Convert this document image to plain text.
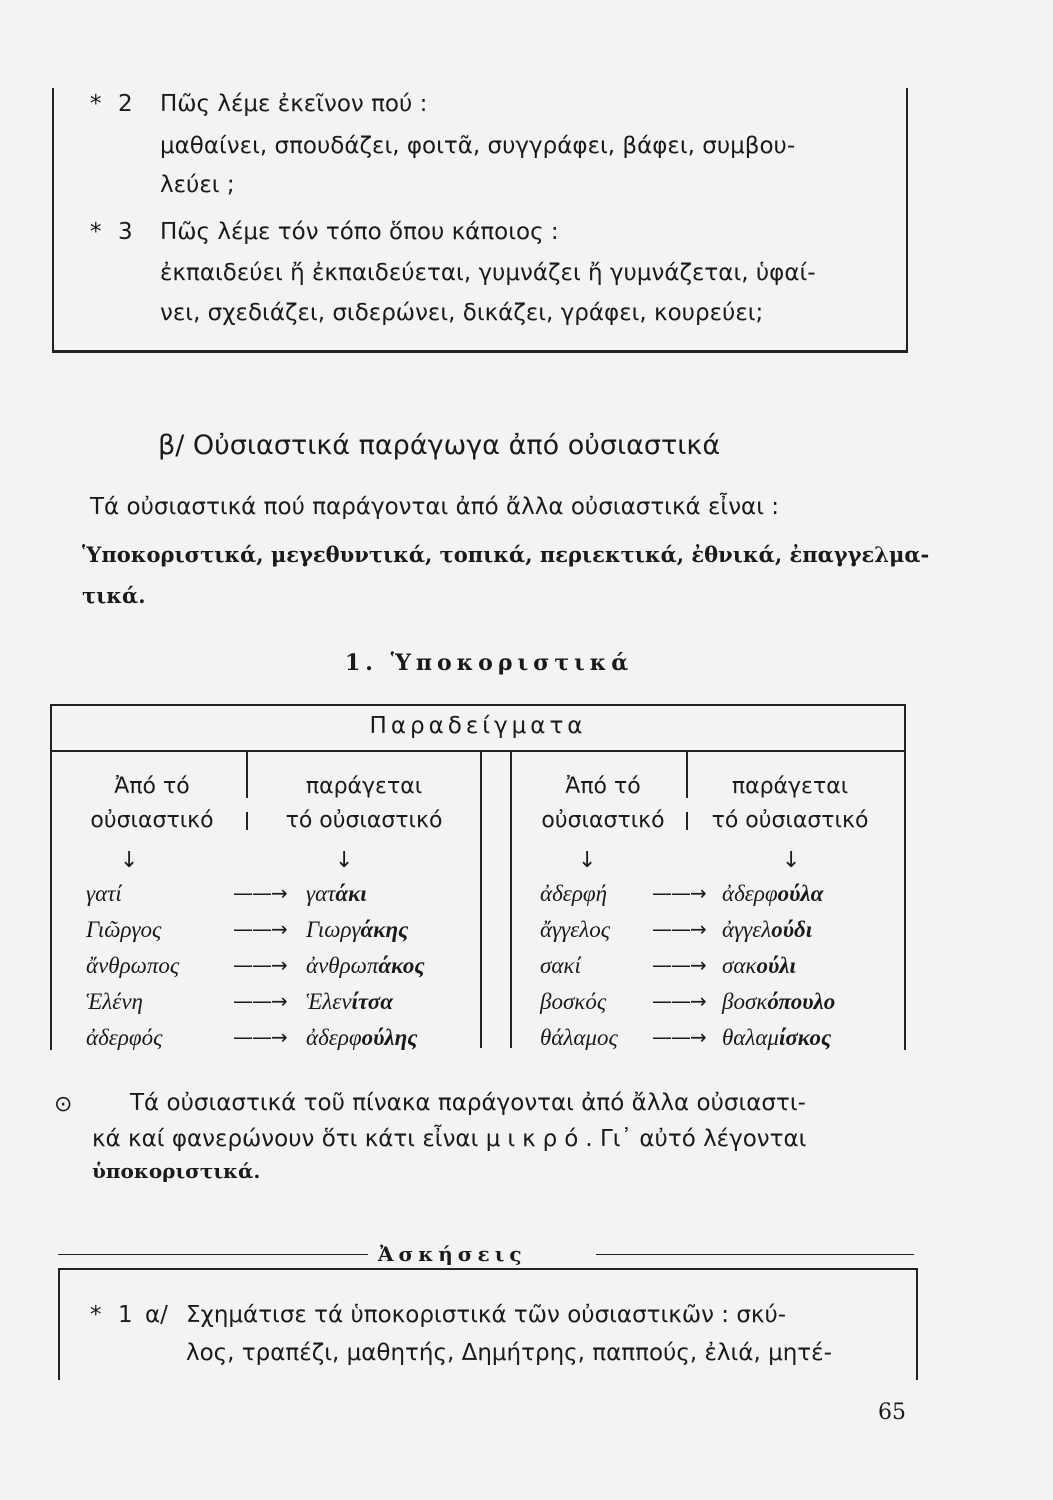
* 2 Πῶς λέμε ἐκεῖνον πού :
μαθαίνει, σπουδάζει, φοιτᾶ, συγγράφει, βάφει, συμβου-
λεύει ;
* 3 Πῶς λέμε τόν τόπο ὅπου κάποιος :
ἐκπαιδεύει ἤ ἐκπαιδεύεται, γυμνάζει ἤ γυμνάζεται, ὑφαί-
νει, σχεδιάζει, σιδερώνει, δικάζει, γράφει, κουρεύει;
β/ Οὐσιαστικά παράγωγα ἀπό οὐσιαστικά
Τά οὐσιαστικά πού παράγονται ἀπό ἄλλα οὐσιαστικά εἶναι :
Ὑποκοριστικά, μεγεθυντικά, τοπικά, περιεκτικά, ἐθνικά, ἐπαγγελμα-
τικά.
1. Ὑποκοριστικά
Παραδείγματα
Ἀπό τό
οὐσιαστικό
παράγεται
τό οὐσιαστικό
Ἀπό τό
οὐσιαστικό
παράγεται
τό οὐσιαστικό
↓	↓	↓	↓
γατί	——→ γατάκι
Γιῶργος	——→ Γιωργάκης
ἄνθρωπος	——→ ἀνθρωπάκος
Ἑλένη	——→ Ἑλενίτσα
ἀδερφός	——→ ἀδερφούλης
ἀδερφή ——→ ἀδερφούλα
ἄγγελος ——→ ἀγγελούδι
σακί	——→ σακούλι
βοσκός ——→ βοσκόπουλο
θάλαμος ——→ θαλαμίσκος
⊙	Τά οὐσιαστικά τοῦ πίνακα παράγονται ἀπό ἄλλα οὐσιαστι-
κά καί φανερώνουν ὅτι κάτι εἶναι μικρό. Γι᾽ αὐτό λέγονται
ὑποκοριστικά.
Ἀσκήσεις
* 1 α/ Σχημάτισε τά ὑποκοριστικά τῶν οὐσιαστικῶν : σκύ-
λος, τραπέζι, μαθητής, Δημήτρης, παππούς, ἐλιά, μητέ-
65
